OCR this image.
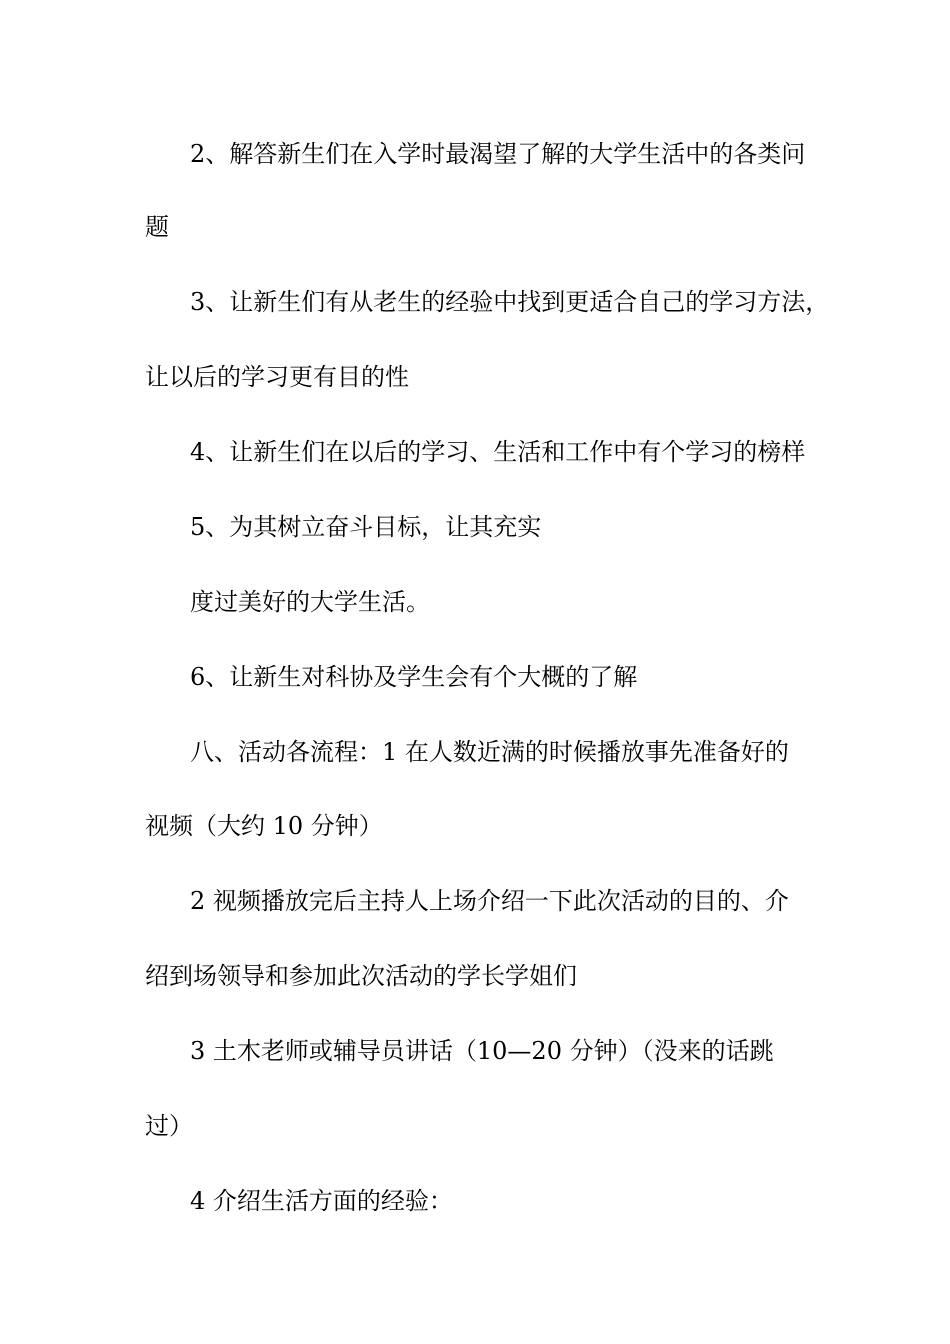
2、解答新生们在入学时最渴望了解的大学生活中的各类问

题

3、让新生们有从老生的经验中找到更适合自己的学习方法，

让以后的学习更有目的性

4、让新生们在以后的学习、生活和工作中有个学习的榜样

5、为其树立奋斗目标，让其充实

度过美好的大学生活。

6、让新生对科协及学生会有个大概的了解

八、活动各流程：1 在人数近满的时候播放事先准备好的

视频（大约 10 分钟）

2 视频播放完后主持人上场介绍一下此次活动的目的、介

绍到场领导和参加此次活动的学长学姐们

3 土木老师或辅导员讲话（10—20 分钟）（没来的话跳

过）

4 介绍生活方面的经验：
